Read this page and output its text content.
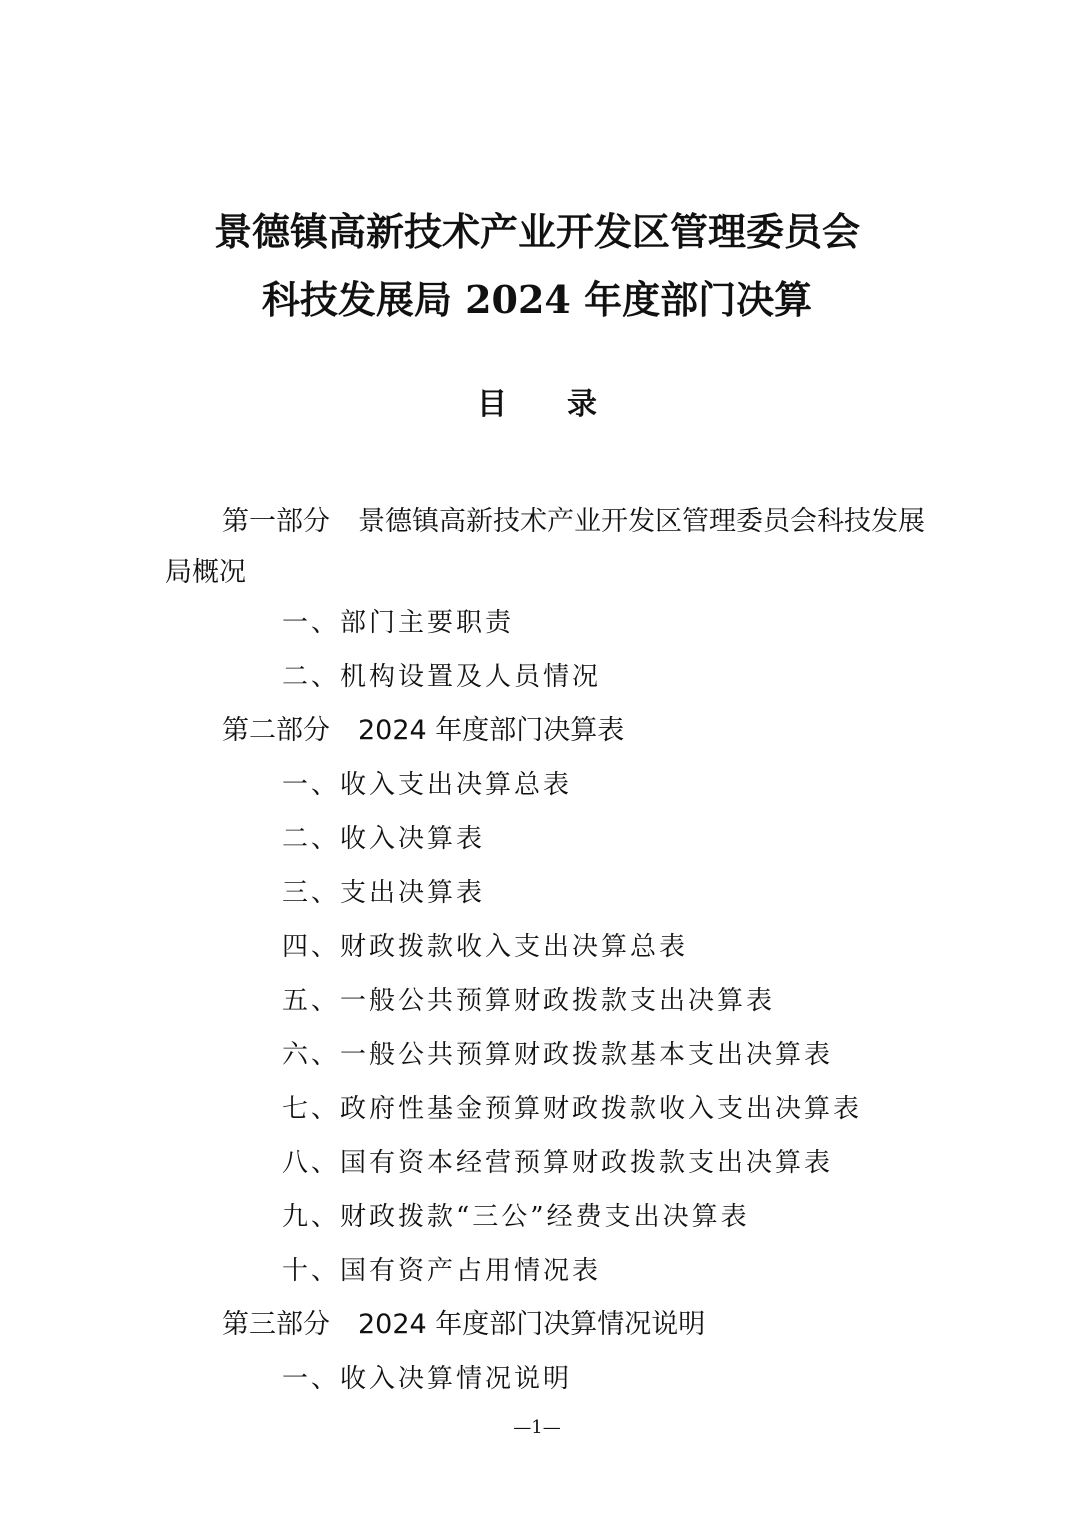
景德镇高新技术产业开发区管理委员会
科技发展局 2024 年度部门决算
目　　录
第一部分 景德镇高新技术产业开发区管理委员会科技发展局概况
一、部门主要职责
二、机构设置及人员情况
第二部分 2024 年度部门决算表
一、收入支出决算总表
二、收入决算表
三、支出决算表
四、财政拨款收入支出决算总表
五、一般公共预算财政拨款支出决算表
六、一般公共预算财政拨款基本支出决算表
七、政府性基金预算财政拨款收入支出决算表
八、国有资本经营预算财政拨款支出决算表
九、财政拨款“三公”经费支出决算表
十、国有资产占用情况表
第三部分 2024 年度部门决算情况说明
一、收入决算情况说明
—1—
